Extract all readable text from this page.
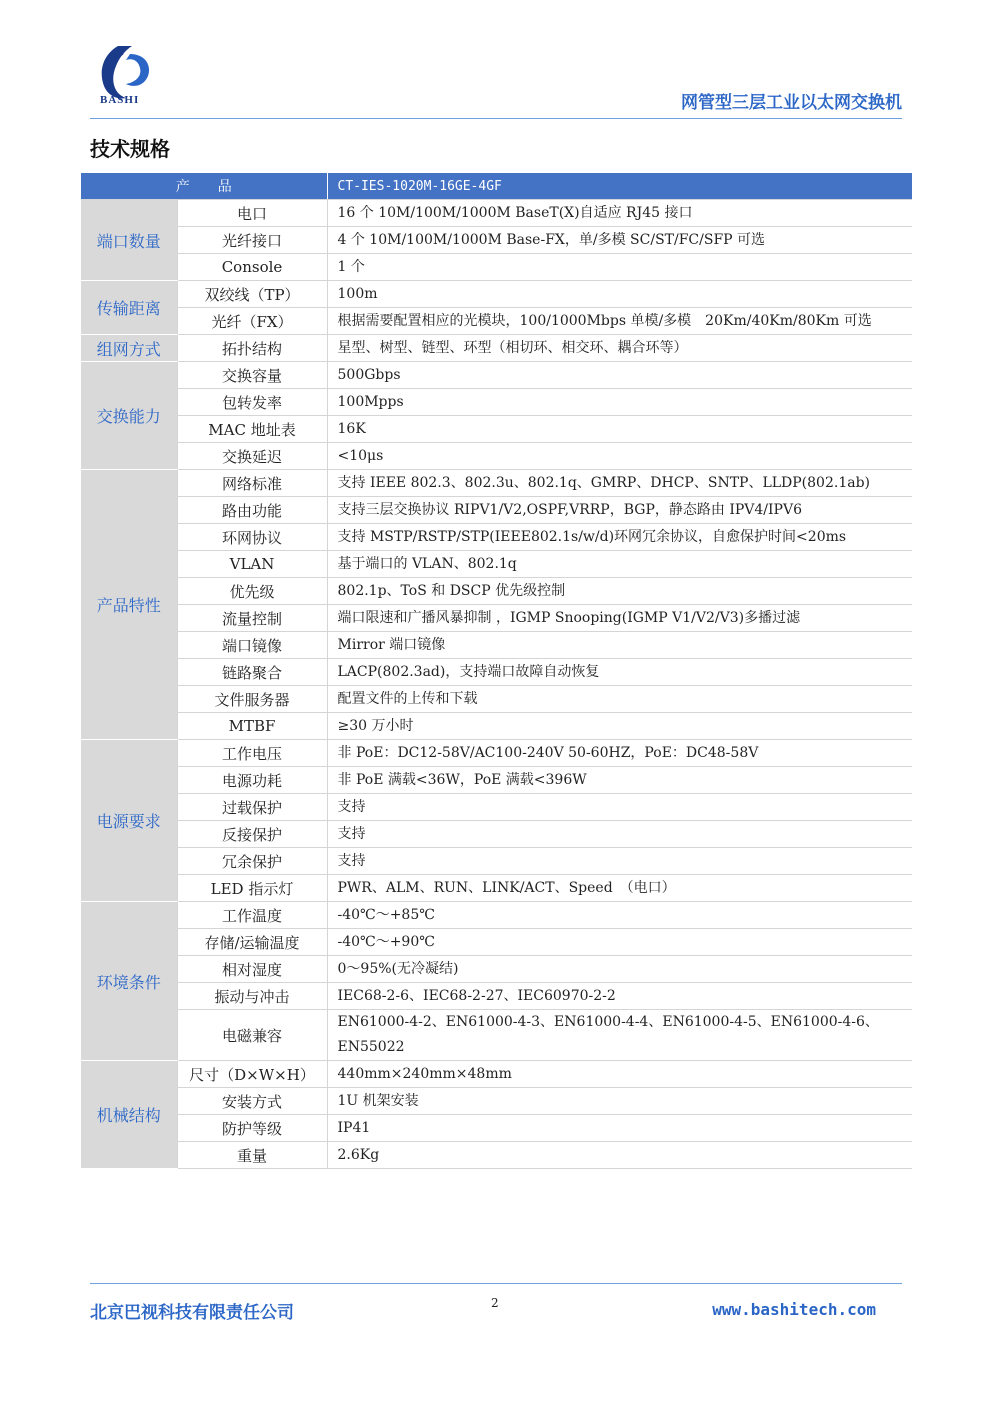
BASHI	网管型三层工业以太网交换机
技术规格
产　　品		CT-IES-1020M-16GE-4GF
端口数量	电口	16 个 10M/100M/1000M BaseT(X)自适应 RJ45 接口
	光纤接口	4 个 10M/100M/1000M Base-FX，单/多模 SC/ST/FC/SFP 可选
	Console	1 个
传输距离	双绞线（TP）	100m
	光纤（FX）	根据需要配置相应的光模块，100/1000Mbps 单模/多模　20Km/40Km/80Km 可选
组网方式	拓扑结构	星型、树型、链型、环型（相切环、相交环、耦合环等）
交换能力	交换容量	500Gbps
	包转发率	100Mpps
	MAC 地址表	16K
	交换延迟	<10μs
产品特性	网络标准	支持 IEEE 802.3、802.3u、802.1q、GMRP、DHCP、SNTP、LLDP(802.1ab)
	路由功能	支持三层交换协议 RIPV1/V2,OSPF,VRRP，BGP，静态路由 IPV4/IPV6
	环网协议	支持 MSTP/RSTP/STP(IEEE802.1s/w/d)环网冗余协议，自愈保护时间<20ms
	VLAN	基于端口的 VLAN、802.1q
	优先级	802.1p、ToS 和 DSCP 优先级控制
	流量控制	端口限速和广播风暴抑制 ，IGMP Snooping(IGMP V1/V2/V3)多播过滤
	端口镜像	Mirror 端口镜像
	链路聚合	LACP(802.3ad)，支持端口故障自动恢复
	文件服务器	配置文件的上传和下载
	MTBF	≥30 万小时
电源要求	工作电压	非 PoE：DC12-58V/AC100-240V 50-60HZ，PoE：DC48-58V
	电源功耗	非 PoE 满载<36W，PoE 满载<396W
	过载保护	支持
	反接保护	支持
	冗余保护	支持
	LED 指示灯	PWR、ALM、RUN、LINK/ACT、Speed　（电口）
环境条件	工作温度	-40℃～+85℃
	存储/运输温度	-40℃～+90℃
	相对湿度	0～95%(无冷凝结)
	振动与冲击	IEC68-2-6、IEC68-2-27、IEC60970-2-2
	电磁兼容	EN61000-4-2、EN61000-4-3、EN61000-4-4、EN61000-4-5、EN61000-4-6、EN55022
机械结构	尺寸（D×W×H）	440mm×240mm×48mm
	安装方式	1U 机架安装
	防护等级	IP41
	重量	2.6Kg
北京巴视科技有限责任公司	2	www.bashitech.com
